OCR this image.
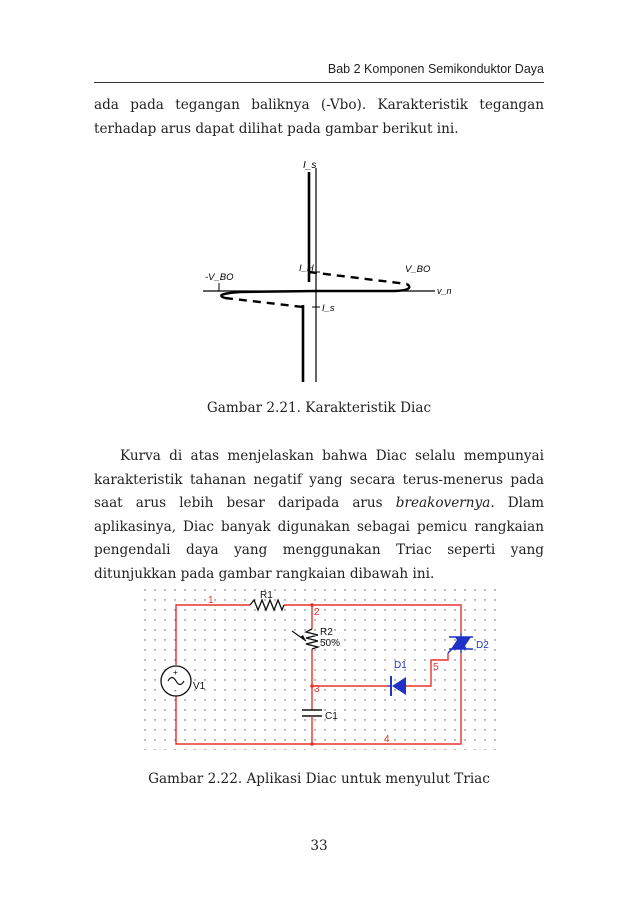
Bab 2 Komponen Semikonduktor Daya

ada pada tegangan baliknya (-Vbo). Karakteristik tegangan terhadap arus dapat dilihat pada gambar berikut ini.

I_s
v_n
-V_BO
V_BO
I_H
I_s
Gambar 2.21. Karakteristik Diac

Kurva di atas menjelaskan bahwa Diac selalu mempunyai karakteristik tahanan negatif yang secara terus-menerus pada saat arus lebih besar daripada arus breakovernya. Dlam aplikasinya, Diac banyak digunakan sebagai pemicu rangkaian pengendali daya yang menggunakan Triac seperti yang ditunjukkan pada gambar rangkaian dibawah ini.

+
-
R1
R2
50%
C1
V1
D1
D2
1
2
3
4
5
Gambar 2.22. Aplikasi Diac untuk menyulut Triac
33
